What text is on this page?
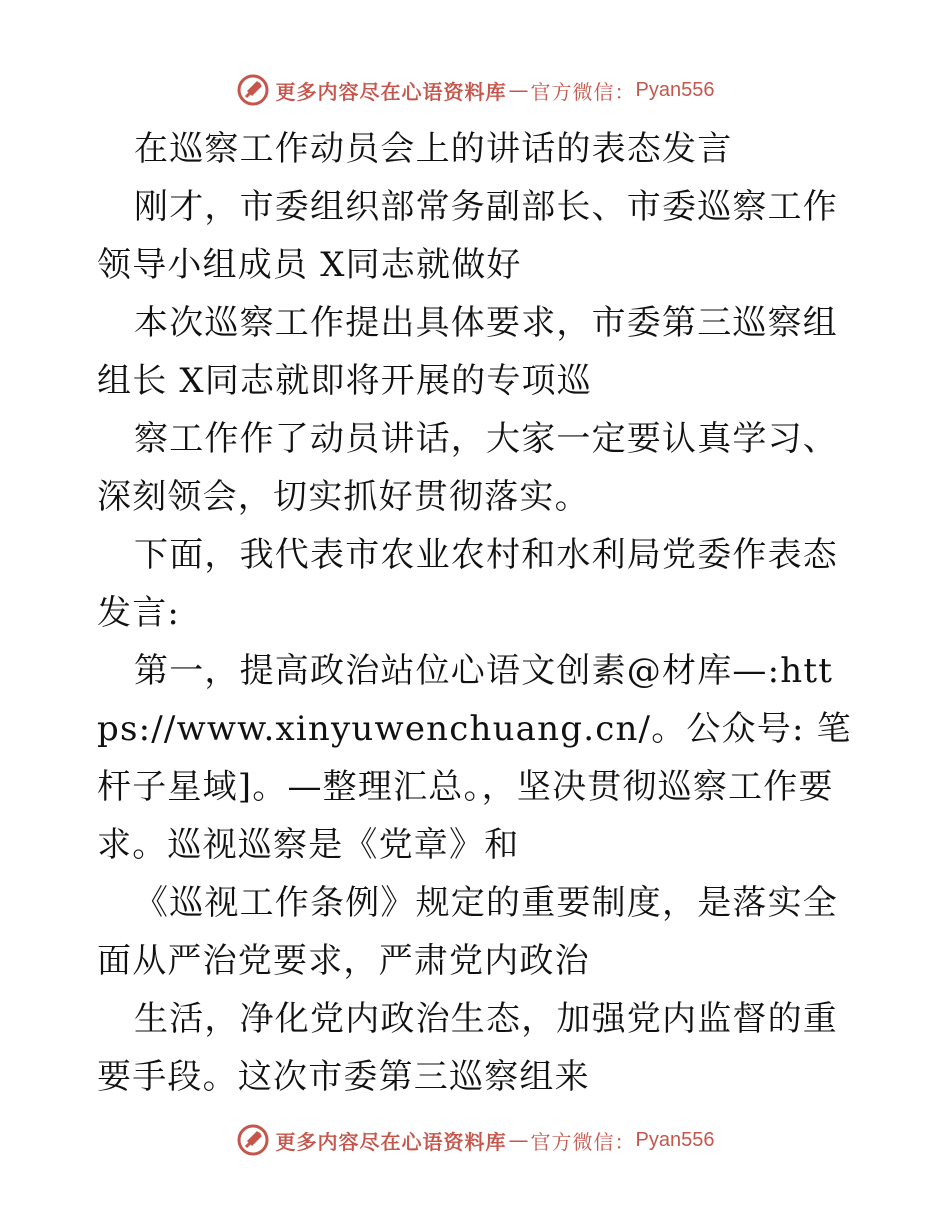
更多内容尽在心语资料库 — 官方微信： Pyan556

在巡察工作动员会上的讲话的表态发言

刚才，市委组织部常务副部长、市委巡察工作领导小组成员 X同志就做好

本次巡察工作提出具体要求，市委第三巡察组组长 X同志就即将开展的专项巡

察工作作了动员讲话，大家一定要认真学习、深刻领会，切实抓好贯彻落实。

下面，我代表市农业农村和水利局党委作表态发言:

第一，提高政治站位心语文创素@材库—:https://www.xinyuwenchuang.cn/。公众号: 笔杆子星域]。—整理汇总。，坚决贯彻巡察工作要求。巡视巡察是《党章》和

《巡视工作条例》规定的重要制度，是落实全面从严治党要求，严肃党内政治

生活，净化党内政治生态，加强党内监督的重要手段。这次市委第三巡察组来

更多内容尽在心语资料库 — 官方微信： Pyan556
